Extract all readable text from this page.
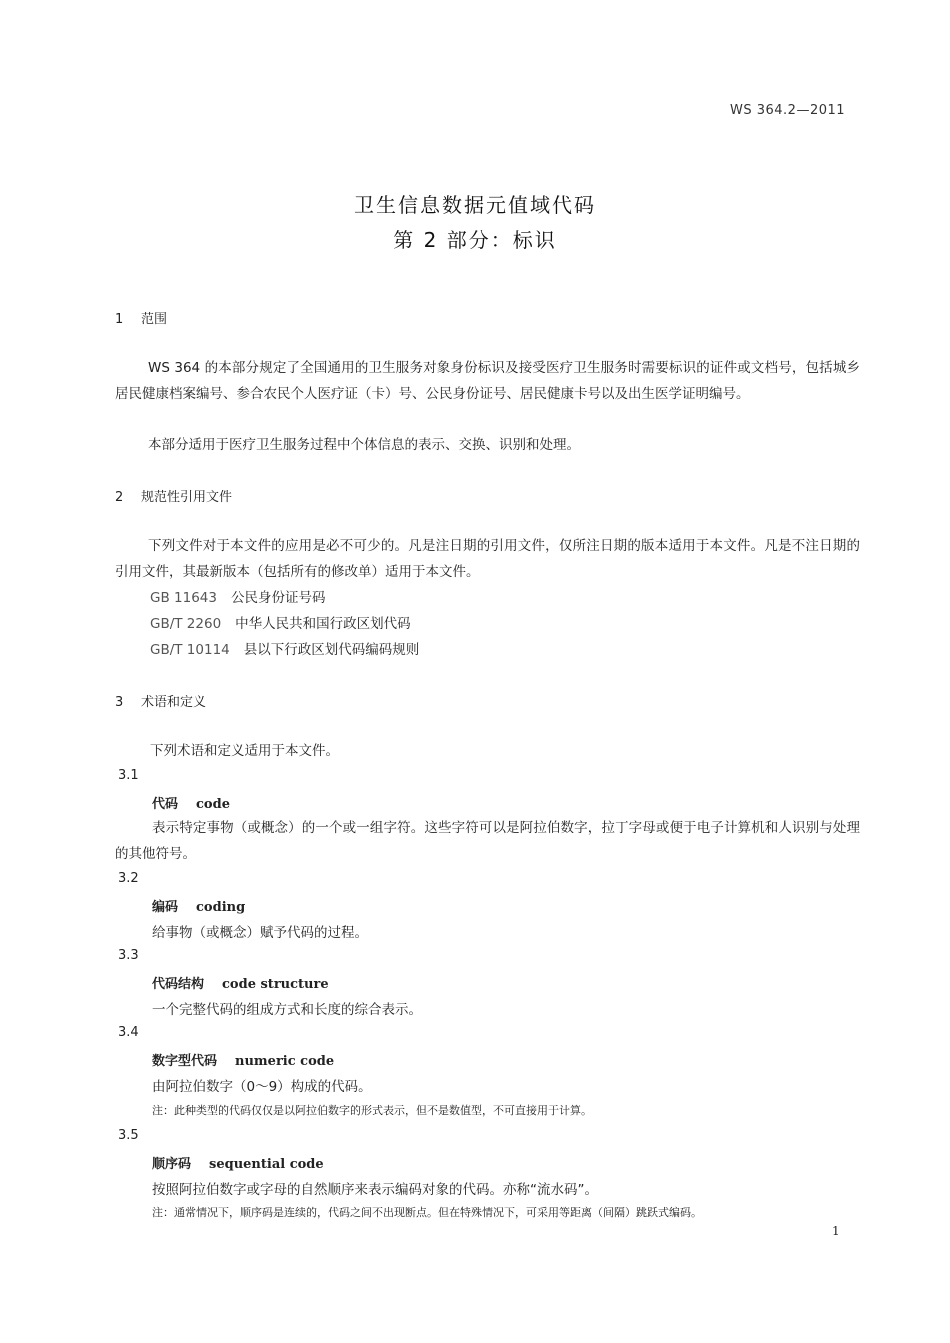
WS 364.2—2011
卫生信息数据元值域代码
第 2 部分：标识
1 范围
WS 364 的本部分规定了全国通用的卫生服务对象身份标识及接受医疗卫生服务时需要标识的证件或文档号，包括城乡居民健康档案编号、参合农民个人医疗证（卡）号、公民身份证号、居民健康卡号以及出生医学证明编号。
本部分适用于医疗卫生服务过程中个体信息的表示、交换、识别和处理。
2 规范性引用文件
下列文件对于本文件的应用是必不可少的。凡是注日期的引用文件，仅所注日期的版本适用于本文件。凡是不注日期的引用文件，其最新版本（包括所有的修改单）适用于本文件。
GB 11643 公民身份证号码
GB/T 2260 中华人民共和国行政区划代码
GB/T 10114 县以下行政区划代码编码规则
3 术语和定义
下列术语和定义适用于本文件。
3.1
代码 code
表示特定事物（或概念）的一个或一组字符。这些字符可以是阿拉伯数字，拉丁字母或便于电子计算机和人识别与处理的其他符号。
3.2
编码 coding
给事物（或概念）赋予代码的过程。
3.3
代码结构 code structure
一个完整代码的组成方式和长度的综合表示。
3.4
数字型代码 numeric code
由阿拉伯数字（0～9）构成的代码。
注：此种类型的代码仅仅是以阿拉伯数字的形式表示，但不是数值型，不可直接用于计算。
3.5
顺序码 sequential code
按照阿拉伯数字或字母的自然顺序来表示编码对象的代码。亦称“流水码”。
注：通常情况下，顺序码是连续的，代码之间不出现断点。但在特殊情况下，可采用等距离（间隔）跳跃式编码。
1
